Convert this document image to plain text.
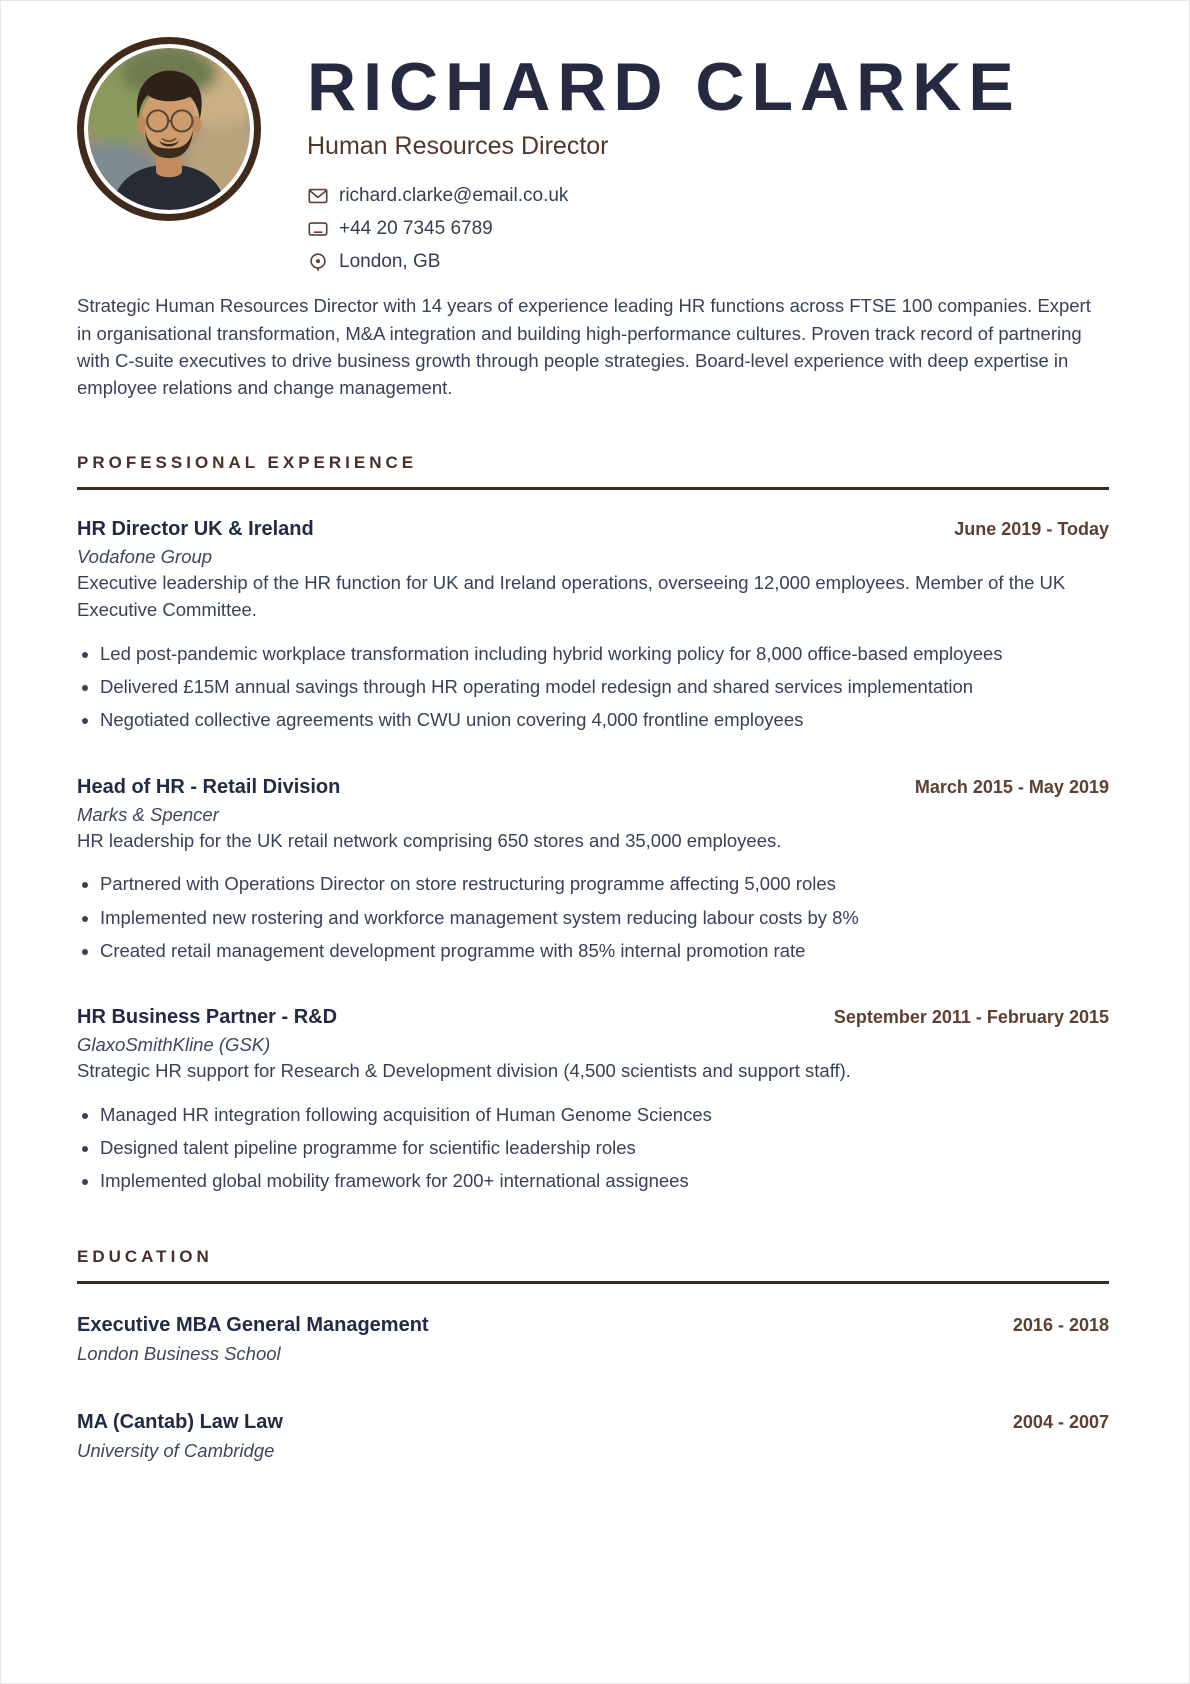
RICHARD CLARKE
Human Resources Director
richard.clarke@email.co.uk
+44 20 7345 6789
London, GB

Strategic Human Resources Director with 14 years of experience leading HR functions across FTSE 100 companies. Expert in organisational transformation, M&A integration and building high-performance cultures. Proven track record of partnering with C-suite executives to drive business growth through people strategies. Board-level experience with deep expertise in employee relations and change management.

PROFESSIONAL EXPERIENCE
HR Director UK & Ireland	June 2019 - Today
Vodafone Group
Executive leadership of the HR function for UK and Ireland operations, overseeing 12,000 employees. Member of the UK Executive Committee.
• Led post-pandemic workplace transformation including hybrid working policy for 8,000 office-based employees
• Delivered £15M annual savings through HR operating model redesign and shared services implementation
• Negotiated collective agreements with CWU union covering 4,000 frontline employees
Head of HR - Retail Division	March 2015 - May 2019
Marks & Spencer
HR leadership for the UK retail network comprising 650 stores and 35,000 employees.
• Partnered with Operations Director on store restructuring programme affecting 5,000 roles
• Implemented new rostering and workforce management system reducing labour costs by 8%
• Created retail management development programme with 85% internal promotion rate
HR Business Partner - R&D	September 2011 - February 2015
GlaxoSmithKline (GSK)
Strategic HR support for Research & Development division (4,500 scientists and support staff).
• Managed HR integration following acquisition of Human Genome Sciences
• Designed talent pipeline programme for scientific leadership roles
• Implemented global mobility framework for 200+ international assignees
EDUCATION
Executive MBA General Management	2016 - 2018
London Business School
MA (Cantab) Law Law	2004 - 2007
University of Cambridge
